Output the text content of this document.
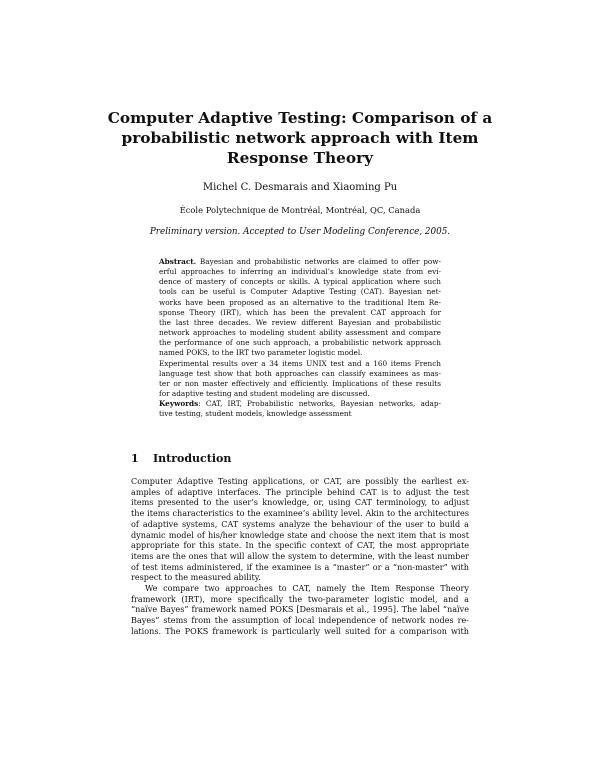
Computer Adaptive Testing: Comparison of a
probabilistic network approach with Item
Response Theory
Michel C. Desmarais and Xiaoming Pu
École Polytechnique de Montréal, Montréal, QC, Canada
Preliminary version. Accepted to User Modeling Conference, 2005.
Abstract. Bayesian and probabilistic networks are claimed to offer pow-
erful approaches to inferring an individual’s knowledge state from evi-
dence of mastery of concepts or skills. A typical application where such
tools can be useful is Computer Adaptive Testing (CAT). Bayesian net-
works have been proposed as an alternative to the traditional Item Re-
sponse Theory (IRT), which has been the prevalent CAT approach for
the last three decades. We review different Bayesian and probabilistic
network approaches to modeling student ability assessment and compare
the performance of one such approach, a probabilistic network approach
named POKS, to the IRT two parameter logistic model.
Experimental results over a 34 items UNIX test and a 160 items French
language test show that both approaches can classify examinees as mas-
ter or non master effectively and efficiently. Implications of these results
for adaptive testing and student modeling are discussed.
Keywords: CAT, IRT, Probabilistic networks, Bayesian networks, adap-
tive testing, student models, knowledge assessment
1 Introduction
Computer Adaptive Testing applications, or CAT, are possibly the earliest ex-
amples of adaptive interfaces. The principle behind CAT is to adjust the test
items presented to the user’s knowledge, or, using CAT terminology, to adjust
the items characteristics to the examinee’s ability level. Akin to the architectures
of adaptive systems, CAT systems analyze the behaviour of the user to build a
dynamic model of his/her knowledge state and choose the next item that is most
appropriate for this state. In the specific context of CAT, the most appropriate
items are the ones that will allow the system to determine, with the least number
of test items administered, if the examinee is a “master” or a “non-master” with
respect to the measured ability.
We compare two approaches to CAT, namely the Item Response Theory
framework (IRT), more specifically the two-parameter logistic model, and a
“naïve Bayes” framework named POKS [Desmarais et al., 1995]. The label “naïve
Bayes” stems from the assumption of local independence of network nodes re-
lations. The POKS framework is particularly well suited for a comparison with
